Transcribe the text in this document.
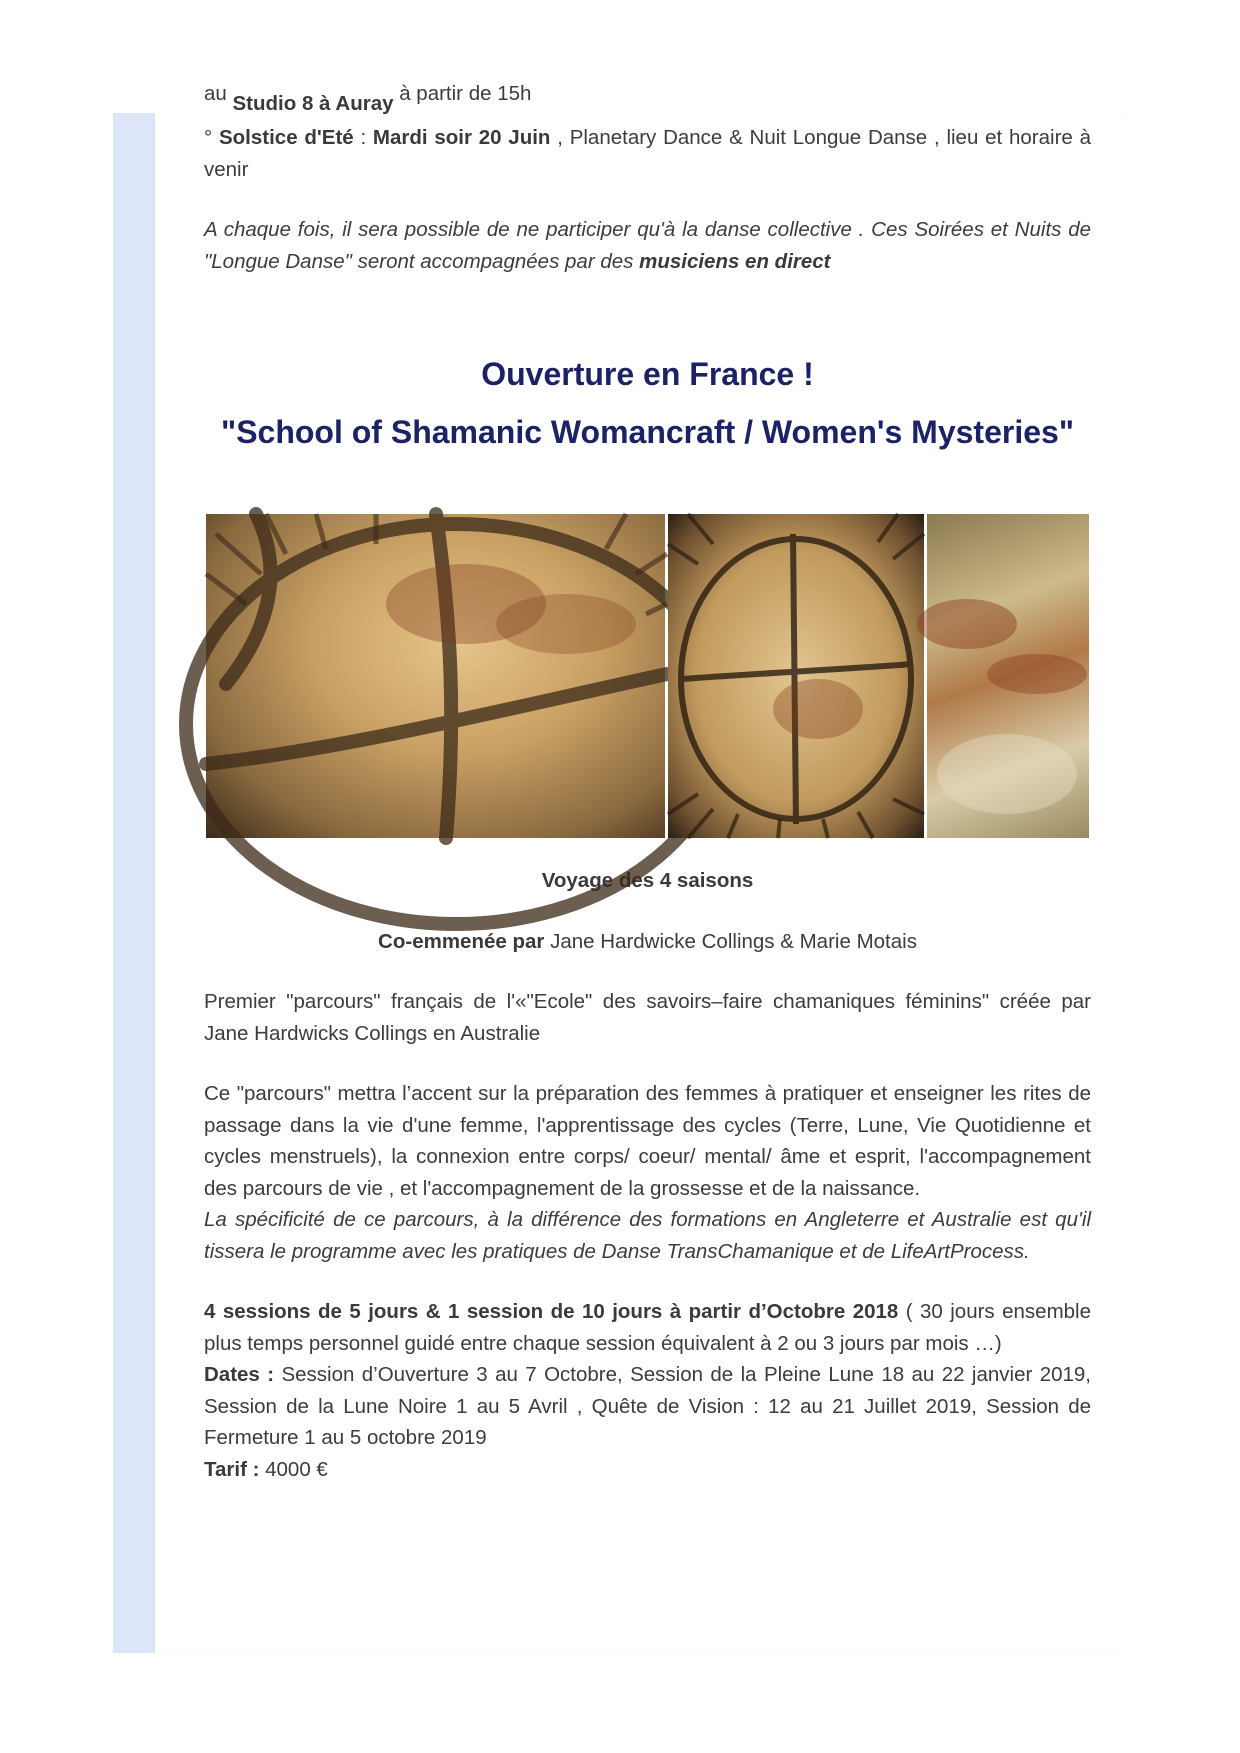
au Studio 8 à Auray à partir de 15h

° Solstice d'Eté : Mardi soir 20 Juin , Planetary Dance & Nuit Longue Danse , lieu et horaire à venir

A chaque fois, il sera possible de ne participer qu'à la danse collective . Ces Soirées et Nuits de "Longue Danse" seront accompagnées par des musiciens en direct

Ouverture en France !
"School of Shamanic Womancraft / Women's Mysteries"

Voyage des 4 saisons

Co-emmenée par Jane Hardwicke Collings & Marie Motais

Premier "parcours" français de l'«"Ecole" des savoirs–faire chamaniques féminins" créée par Jane Hardwicks Collings en Australie

Ce "parcours" mettra l’accent sur la préparation des femmes à pratiquer et enseigner les rites de passage dans la vie d'une femme, l'apprentissage des cycles (Terre, Lune, Vie Quotidienne et cycles menstruels), la connexion entre corps/ coeur/ mental/ âme et esprit, l'accompagnement des parcours de vie , et l'accompagnement de la grossesse et de la naissance.

La spécificité de ce parcours, à la différence des formations en Angleterre et Australie est qu'il tissera le programme avec les pratiques de Danse TransChamanique et de LifeArtProcess.

4 sessions de 5 jours & 1 session de 10 jours à partir d’Octobre 2018 ( 30 jours ensemble plus temps personnel guidé entre chaque session équivalent à 2 ou 3 jours par mois …)

Dates : Session d’Ouverture 3 au 7 Octobre, Session de la Pleine Lune 18 au 22 janvier 2019, Session de la Lune Noire 1 au 5 Avril , Quête de Vision : 12 au 21 Juillet 2019, Session de Fermeture 1 au 5 octobre 2019

Tarif : 4000 €
